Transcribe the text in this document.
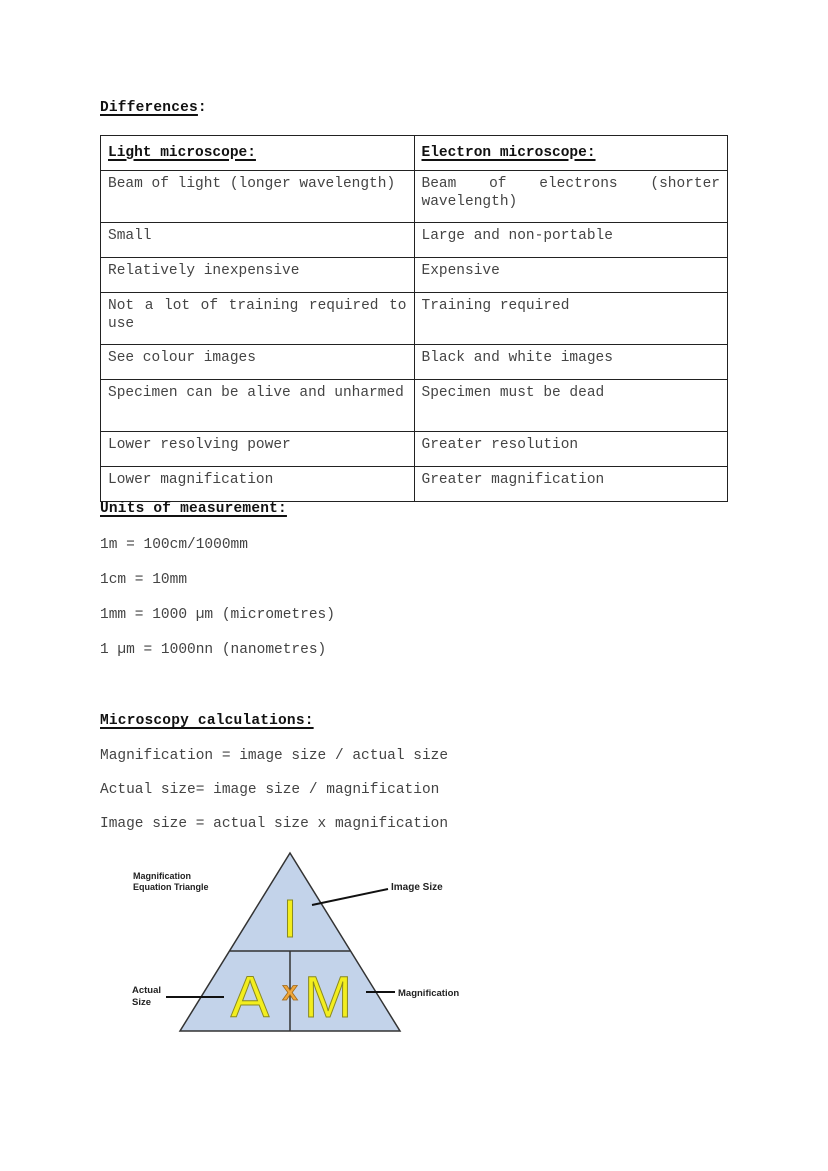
Differences:
Light microscope:	Electron microscope:
Beam of light (longer wavelength)	Beam of electrons (shorter wavelength)
Small	Large and non-portable
Relatively inexpensive	Expensive
Not a lot of training required to use	Training required
See colour images	Black and white images
Specimen can be alive and unharmed	Specimen must be dead
Lower resolving power	Greater resolution
Lower magnification	Greater magnification
Units of measurement:
1m = 100cm/1000mm
1cm = 10mm
1mm = 1000 µm (micrometres)
1 µm = 1000nn (nanometres)
Microscopy calculations:
Magnification = image size / actual size
Actual size= image size / magnification
Image size = actual size x magnification
Magnification
Equation Triangle
I
A x M
Image Size
Actual
Size
Magnification
